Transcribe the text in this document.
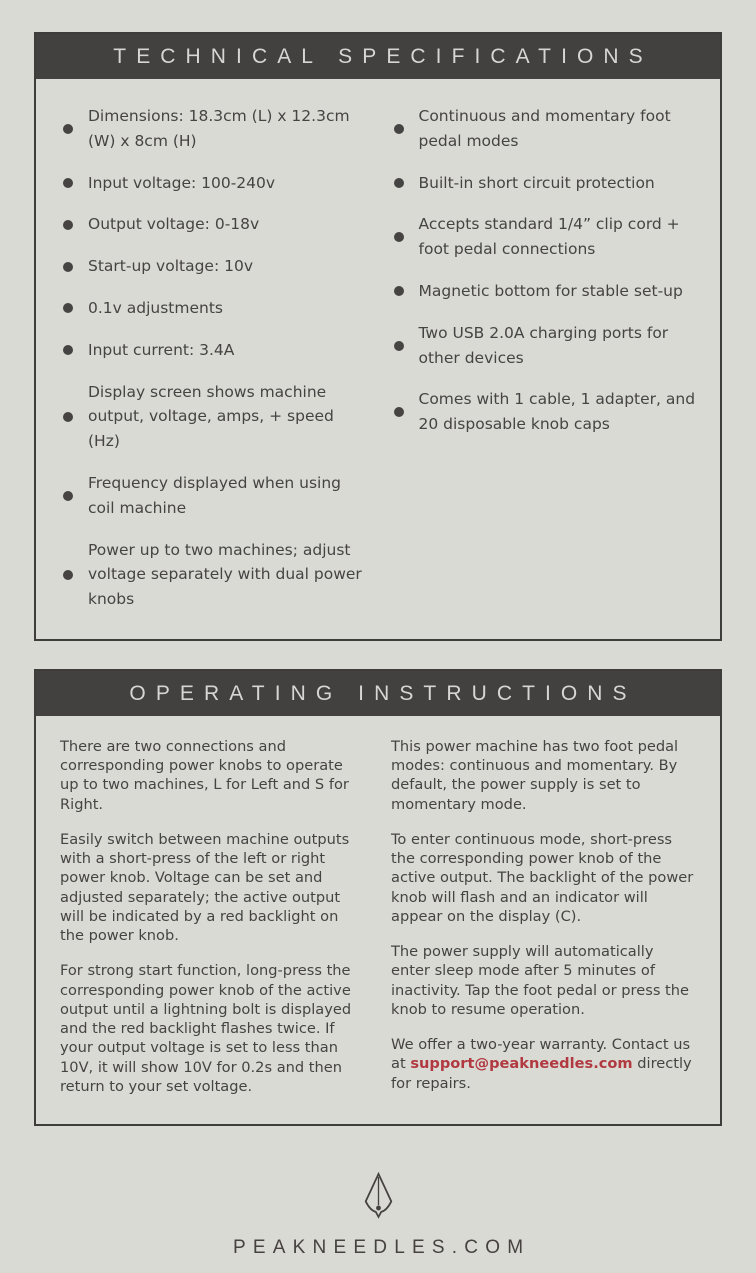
TECHNICAL SPECIFICATIONS
Dimensions: 18.3cm (L) x 12.3cm (W) x 8cm (H)
Input voltage: 100-240v
Output voltage: 0-18v
Start-up voltage: 10v
0.1v adjustments
Input current: 3.4A
Display screen shows machine output, voltage, amps, + speed (Hz)
Frequency displayed when using coil machine
Power up to two machines; adjust voltage separately with dual power knobs
Continuous and momentary foot pedal modes
Built-in short circuit protection
Accepts standard 1/4” clip cord + foot pedal connections
Magnetic bottom for stable set-up
Two USB 2.0A charging ports for other devices
Comes with 1 cable, 1 adapter, and 20 disposable knob caps
OPERATING INSTRUCTIONS

There are two connections and corresponding power knobs to operate up to two machines, L for Left and S for Right.

Easily switch between machine outputs with a short-press of the left or right power knob. Voltage can be set and adjusted separately; the active output will be indicated by a red backlight on the power knob.

For strong start function, long-press the corresponding power knob of the active output until a lightning bolt is displayed and the red backlight flashes twice. If your output voltage is set to less than 10V, it will show 10V for 0.2s and then return to your set voltage.

This power machine has two foot pedal modes: continuous and momentary. By default, the power supply is set to momentary mode.

To enter continuous mode, short-press the corresponding power knob of the active output. The backlight of the power knob will flash and an indicator will appear on the display (C).

The power supply will automatically enter sleep mode after 5 minutes of inactivity. Tap the foot pedal or press the knob to resume operation.

We offer a two-year warranty. Contact us at support@peakneedles.com directly for repairs.

PEAKNEEDLES.COM
